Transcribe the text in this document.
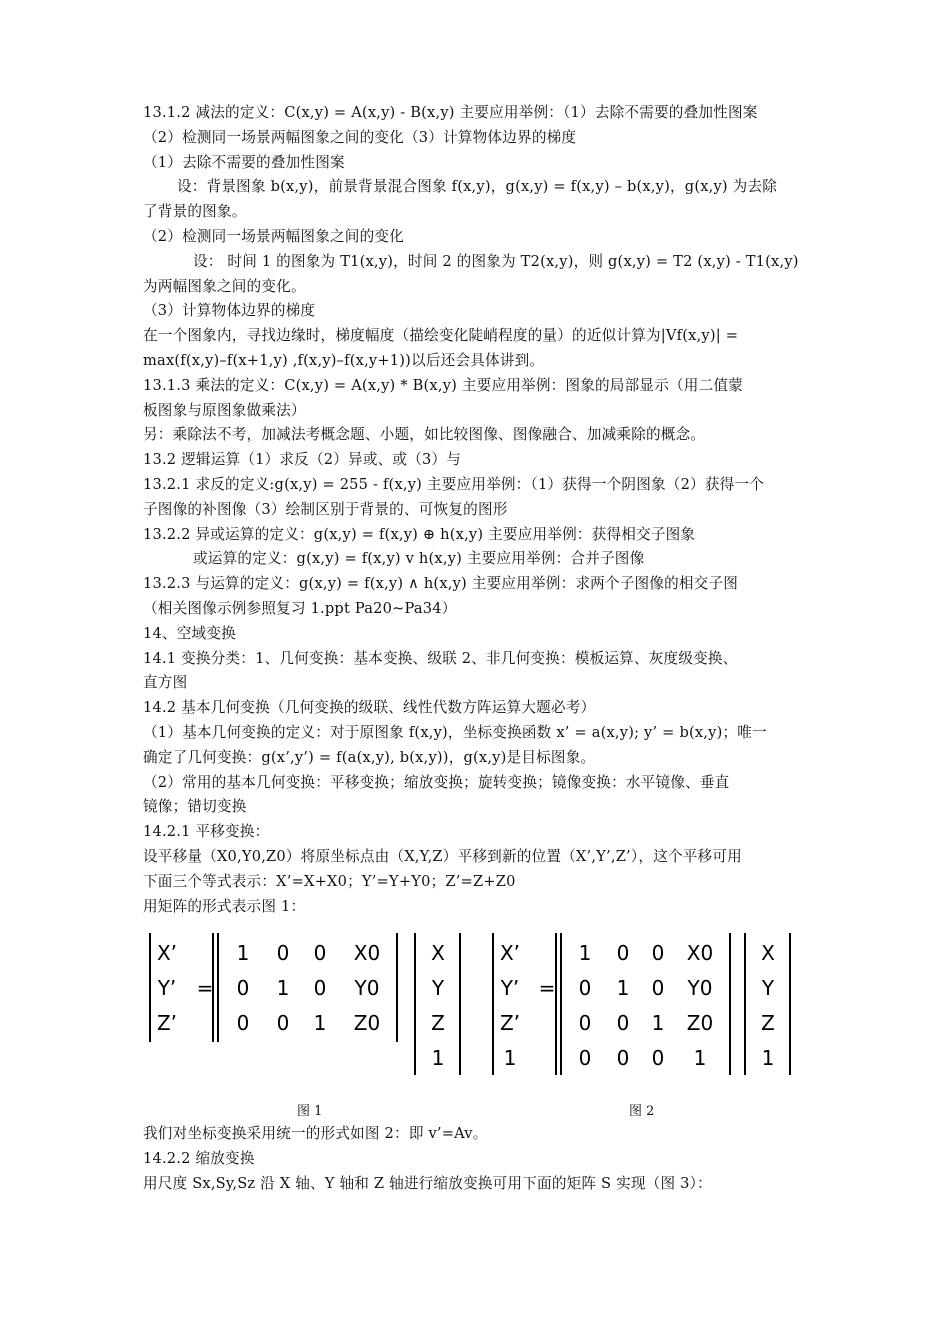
13.1.2 减法的定义：C(x,y) = A(x,y) - B(x,y) 主要应用举例：（1）去除不需要的叠加性图案
（2）检测同一场景两幅图象之间的变化（3）计算物体边界的梯度
（1）去除不需要的叠加性图案
设：背景图象 b(x,y)，前景背景混合图象 f(x,y)，g(x,y) = f(x,y) – b(x,y)，g(x,y) 为去除
了背景的图象。
（2）检测同一场景两幅图象之间的变化
设： 时间 1 的图象为 T1(x,y)，时间 2 的图象为 T2(x,y)，则 g(x,y) = T2 (x,y) - T1(x,y)
为两幅图象之间的变化。
（3）计算物体边界的梯度
在一个图象内，寻找边缘时，梯度幅度（描绘变化陡峭程度的量）的近似计算为|Vf(x,y)| =
max(f(x,y)–f(x+1,y) ,f(x,y)–f(x,y+1))以后还会具体讲到。
13.1.3 乘法的定义：C(x,y) = A(x,y) * B(x,y) 主要应用举例：图象的局部显示（用二值蒙
板图象与原图象做乘法）
另：乘除法不考，加减法考概念题、小题，如比较图像、图像融合、加减乘除的概念。
13.2 逻辑运算（1）求反（2）异或、或（3）与
13.2.1 求反的定义:g(x,y) = 255 - f(x,y) 主要应用举例：（1）获得一个阴图象（2）获得一个
子图像的补图像（3）绘制区别于背景的、可恢复的图形
13.2.2 异或运算的定义：g(x,y) = f(x,y) ⊕ h(x,y) 主要应用举例：获得相交子图象
或运算的定义：g(x,y) = f(x,y) v h(x,y) 主要应用举例：合并子图像
13.2.3 与运算的定义：g(x,y) = f(x,y) ∧ h(x,y) 主要应用举例：求两个子图像的相交子图
（相关图像示例参照复习 1.ppt Pa20~Pa34）
14、空域变换
14.1 变换分类：1、几何变换：基本变换、级联 2、非几何变换：模板运算、灰度级变换、
直方图
14.2 基本几何变换（几何变换的级联、线性代数方阵运算大题必考）
（1）基本几何变换的定义：对于原图象 f(x,y)，坐标变换函数 x’ = a(x,y); y’ = b(x,y)；唯一
确定了几何变换：g(x’,y’) = f(a(x,y), b(x,y))，g(x,y)是目标图象。
（2）常用的基本几何变换：平移变换；缩放变换；旋转变换；镜像变换：水平镜像、垂直
镜像；错切变换
14.2.1 平移变换：
设平移量（X0,Y0,Z0）将原坐标点由（X,Y,Z）平移到新的位置（X’,Y’,Z’），这个平移可用
下面三个等式表示：X’=X+X0；Y’=Y+Y0；Z’=Z+Z0
用矩阵的形式表示图 1：
X’
Y’
Z’
=
1 0 0 X0
0 1 0 Y0
0 0 1 Z0
X
Y
Z
1
X’
Y’
Z’
1
=
1 0 0 X0
0 1 0 Y0
0 0 1 Z0
0 0 0 1
X
Y
Z
1
图 1	图 2
我们对坐标变换采用统一的形式如图 2：即 v’=Av。
14.2.2 缩放变换
用尺度 Sx,Sy,Sz 沿 X 轴、Y 轴和 Z 轴进行缩放变换可用下面的矩阵 S 实现（图 3）：
